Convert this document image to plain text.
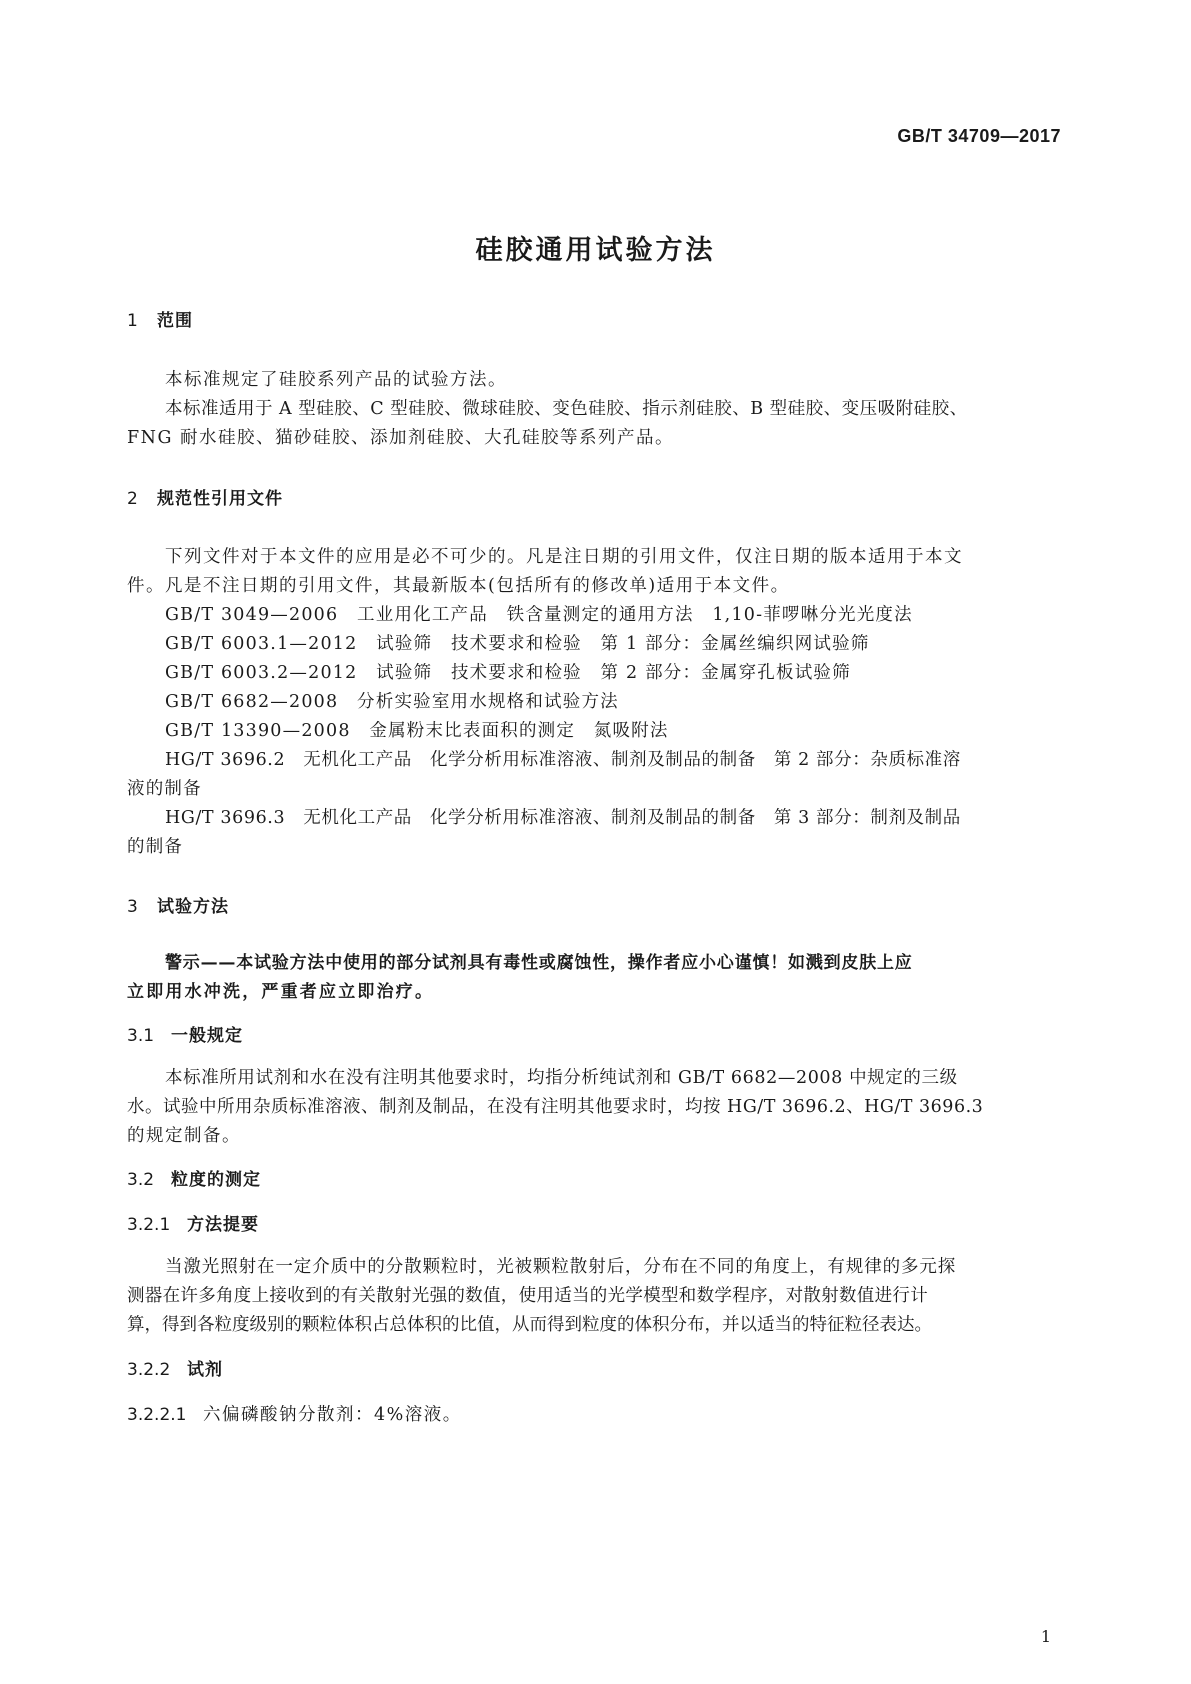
GB/T 34709—2017
硅胶通用试验方法
1 范围
本标准规定了硅胶系列产品的试验方法。
本标准适用于 A 型硅胶、C 型硅胶、微球硅胶、变色硅胶、指示剂硅胶、B 型硅胶、变压吸附硅胶、
FNG 耐水硅胶、猫砂硅胶、添加剂硅胶、大孔硅胶等系列产品。
2 规范性引用文件
下列文件对于本文件的应用是必不可少的。凡是注日期的引用文件，仅注日期的版本适用于本文
件。凡是不注日期的引用文件，其最新版本(包括所有的修改单)适用于本文件。
GB/T 3049—2006　工业用化工产品　铁含量测定的通用方法　1,10-菲啰啉分光光度法
GB/T 6003.1—2012　试验筛　技术要求和检验　第 1 部分：金属丝编织网试验筛
GB/T 6003.2—2012　试验筛　技术要求和检验　第 2 部分：金属穿孔板试验筛
GB/T 6682—2008　分析实验室用水规格和试验方法
GB/T 13390—2008　金属粉末比表面积的测定　氮吸附法
HG/T 3696.2　无机化工产品　化学分析用标准溶液、制剂及制品的制备　第 2 部分：杂质标准溶
液的制备
HG/T 3696.3　无机化工产品　化学分析用标准溶液、制剂及制品的制备　第 3 部分：制剂及制品
的制备
3 试验方法
警示——本试验方法中使用的部分试剂具有毒性或腐蚀性，操作者应小心谨慎！如溅到皮肤上应
立即用水冲洗，严重者应立即治疗。
3.1 一般规定
本标准所用试剂和水在没有注明其他要求时，均指分析纯试剂和 GB/T 6682—2008 中规定的三级
水。试验中所用杂质标准溶液、制剂及制品，在没有注明其他要求时，均按 HG/T 3696.2、HG/T 3696.3
的规定制备。
3.2 粒度的测定
3.2.1 方法提要
当激光照射在一定介质中的分散颗粒时，光被颗粒散射后，分布在不同的角度上，有规律的多元探
测器在许多角度上接收到的有关散射光强的数值，使用适当的光学模型和数学程序，对散射数值进行计
算，得到各粒度级别的颗粒体积占总体积的比值，从而得到粒度的体积分布，并以适当的特征粒径表达。
3.2.2 试剂
3.2.2.1 六偏磷酸钠分散剂：4%溶液。
1
